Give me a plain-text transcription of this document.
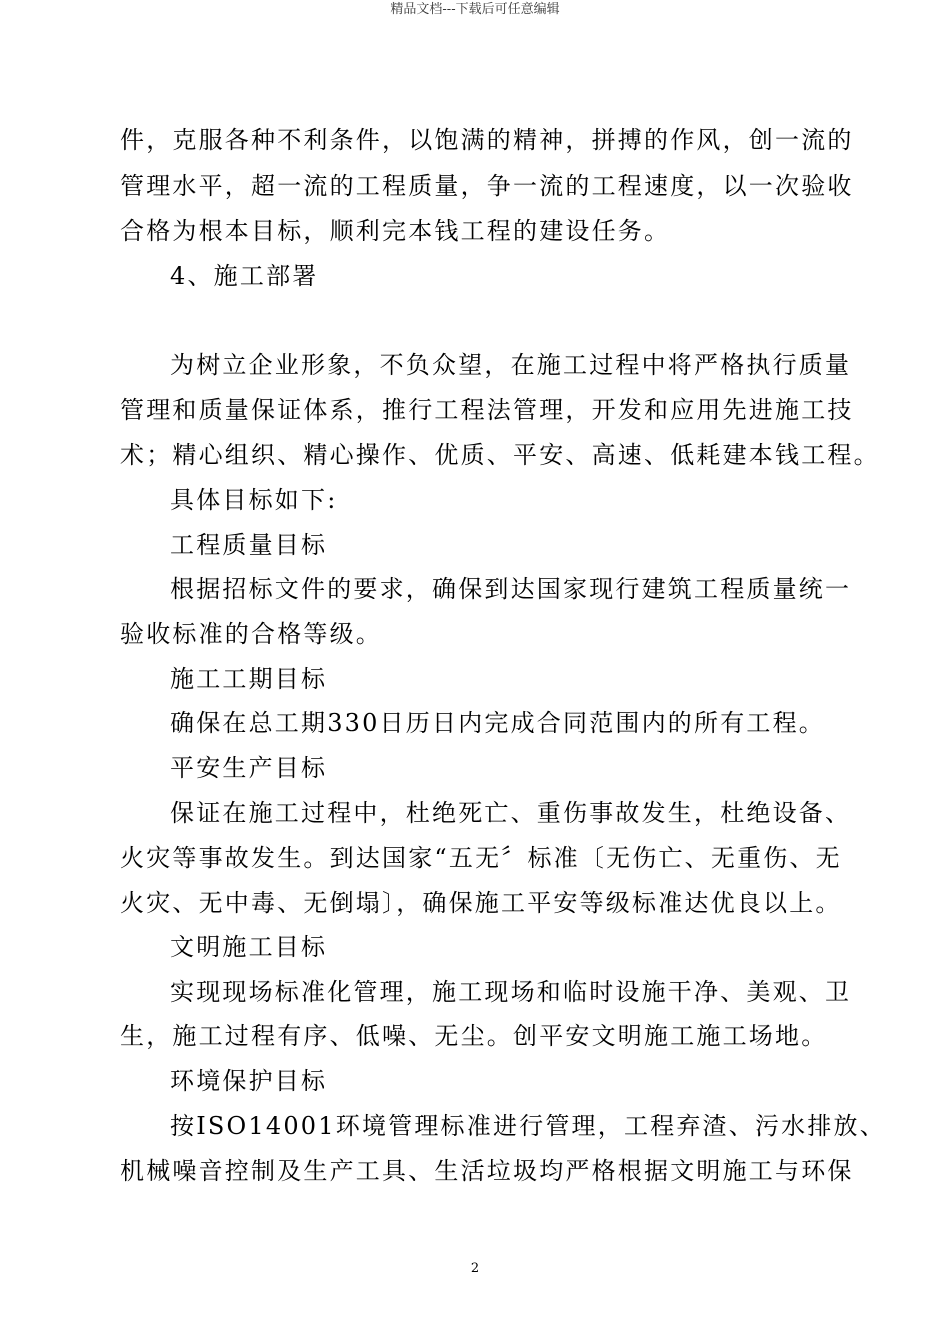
精品文档---下载后可任意编辑
件，克服各种不利条件，以饱满的精神，拼搏的作风，创一流的
管理水平，超一流的工程质量，争一流的工程速度，以一次验收
合格为根本目标，顺利完本钱工程的建设任务。
4、施工部署
为树立企业形象，不负众望，在施工过程中将严格执行质量
管理和质量保证体系，推行工程法管理，开发和应用先进施工技
术；精心组织、精心操作、优质、平安、高速、低耗建本钱工程。
具体目标如下:
工程质量目标
根据招标文件的要求，确保到达国家现行建筑工程质量统一
验收标准的合格等级。
施工工期目标
确保在总工期330日历日内完成合同范围内的所有工程。
平安生产目标
保证在施工过程中，杜绝死亡、重伤事故发生，杜绝设备、
火灾等事故发生。到达国家“五无〞标准〔无伤亡、无重伤、无
火灾、无中毒、无倒塌〕，确保施工平安等级标准达优良以上。
文明施工目标
实现现场标准化管理，施工现场和临时设施干净、美观、卫
生，施工过程有序、低噪、无尘。创平安文明施工施工场地。
环境保护目标
按ISO14001环境管理标准进行管理，工程弃渣、污水排放、
机械噪音控制及生产工具、生活垃圾均严格根据文明施工与环保
2
